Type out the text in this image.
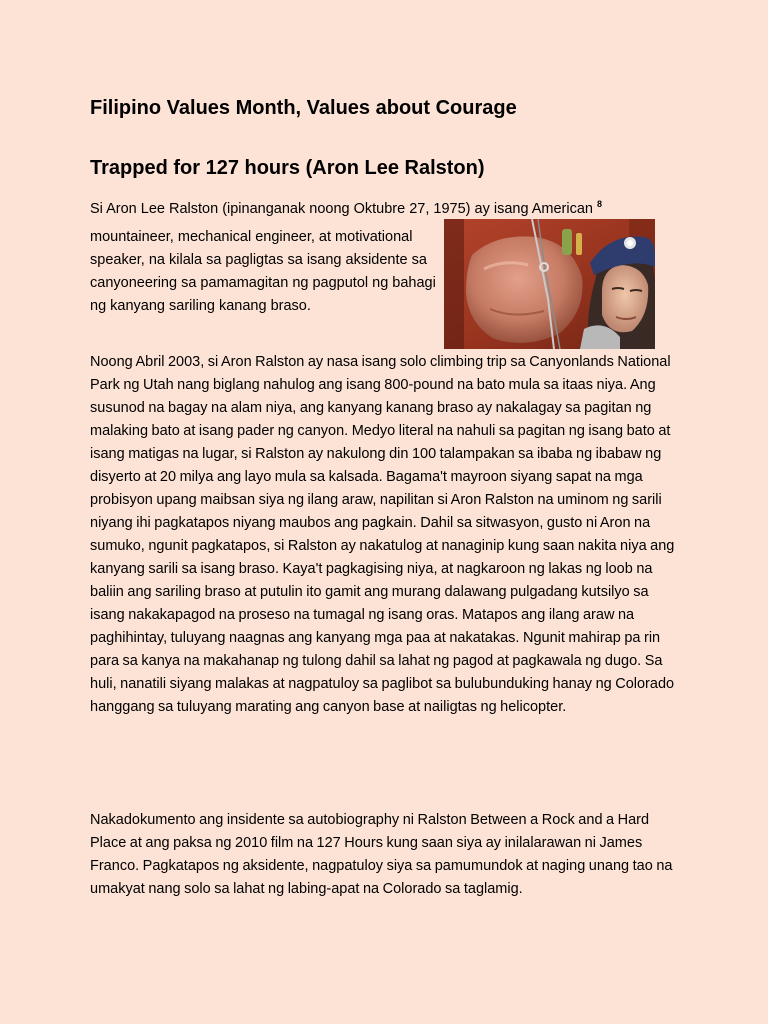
Filipino Values Month, Values about Courage
Trapped for 127 hours (Aron Lee Ralston)

Si Aron Lee Ralston (ipinanganak noong Oktubre 27, 1975) ay isang American $^8$

mountaineer, mechanical engineer, at motivational speaker, na kilala sa pagligtas sa isang aksidente sa canyoneering sa pamamagitan ng pagputol ng bahagi ng kanyang sariling kanang braso.

Noong Abril 2003, si Aron Ralston ay nasa isang solo climbing trip sa Canyonlands National Park ng Utah nang biglang nahulog ang isang 800-pound na bato mula sa itaas niya. Ang susunod na bagay na alam niya, ang kanyang kanang braso ay nakalagay sa pagitan ng malaking bato at isang pader ng canyon. Medyo literal na nahuli sa pagitan ng isang bato at isang matigas na lugar, si Ralston ay nakulong din 100 talampakan sa ibaba ng ibabaw ng disyerto at 20 milya ang layo mula sa kalsada. Bagama't mayroon siyang sapat na mga probisyon upang maibsan siya ng ilang araw, napilitan si Aron Ralston na uminom ng sarili niyang ihi pagkatapos niyang maubos ang pagkain. Dahil sa sitwasyon, gusto ni Aron na sumuko, ngunit pagkatapos, si Ralston ay nakatulog at nanaginip kung saan nakita niya ang kanyang sarili sa isang braso. Kaya't pagkagising niya, at nagkaroon ng lakas ng loob na baliin ang sariling braso at putulin ito gamit ang murang dalawang pulgadang kutsilyo sa isang nakakapagod na proseso na tumagal ng isang oras. Matapos ang ilang araw na paghihintay, tuluyang naagnas ang kanyang mga paa at nakatakas. Ngunit mahirap pa rin para sa kanya na makahanap ng tulong dahil sa lahat ng pagod at pagkawala ng dugo. Sa huli, nanatili siyang malakas at nagpatuloy sa paglibot sa bulubunduking hanay ng Colorado hanggang sa tuluyang marating ang canyon base at nailigtas ng helicopter.

Nakadokumento ang insidente sa autobiography ni Ralston Between a Rock and a Hard Place at ang paksa ng 2010 film na 127 Hours kung saan siya ay inilalarawan ni James Franco. Pagkatapos ng aksidente, nagpatuloy siya sa pamumundok at naging unang tao na umakyat nang solo sa lahat ng labing-apat na Colorado sa taglamig.
